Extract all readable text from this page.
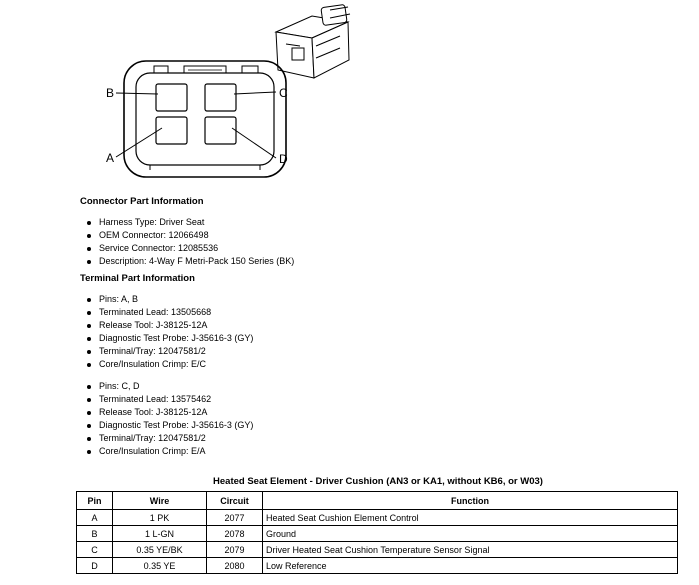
B	C
A	D
Connector Part Information
Harness Type: Driver Seat
OEM Connector: 12066498
Service Connector: 12085536
Description: 4-Way F Metri-Pack 150 Series (BK)
Terminal Part Information
Pins: A, B
Terminated Lead: 13505668
Release Tool: J-38125-12A
Diagnostic Test Probe: J-35616-3 (GY)
Terminal/Tray: 12047581/2
Core/Insulation Crimp: E/C
Pins: C, D
Terminated Lead: 13575462
Release Tool: J-38125-12A
Diagnostic Test Probe: J-35616-3 (GY)
Terminal/Tray: 12047581/2
Core/Insulation Crimp: E/A
Heated Seat Element - Driver Cushion (AN3 or KA1, without KB6, or W03)
Pin	Wire	Circuit	Function
A	1 PK	2077	Heated Seat Cushion Element Control
B	1 L-GN	2078	Ground
C	0.35 YE/BK	2079	Driver Heated Seat Cushion Temperature Sensor Signal
D	0.35 YE	2080	Low Reference
